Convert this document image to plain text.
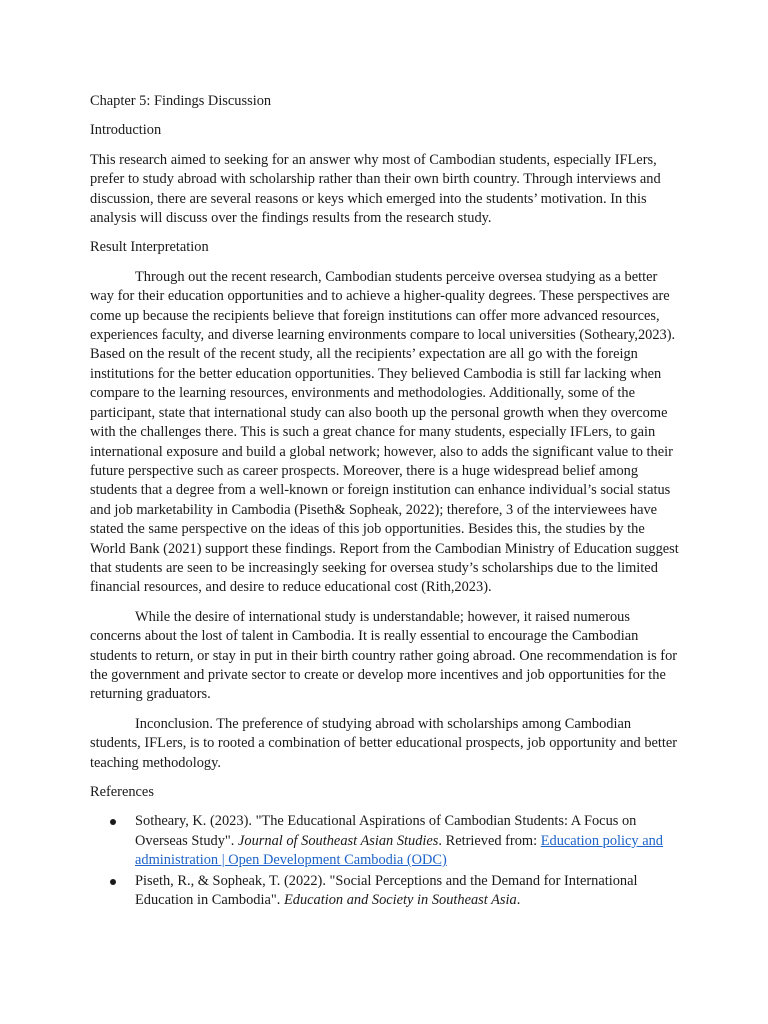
Chapter 5: Findings Discussion

Introduction

This research aimed to seeking for an answer why most of Cambodian students, especially IFLers, prefer to study abroad with scholarship rather than their own birth country. Through interviews and discussion, there are several reasons or keys which emerged into the students’ motivation. In this analysis will discuss over the findings results from the research study.

Result Interpretation

Through out the recent research, Cambodian students perceive oversea studying as a better way for their education opportunities and to achieve a higher-quality degrees. These perspectives are come up because the recipients believe that foreign institutions can offer more advanced resources, experiences faculty, and diverse learning environments compare to local universities (Sotheary,2023). Based on the result of the recent study, all the recipients’ expectation are all go with the foreign institutions for the better education opportunities. They believed Cambodia is still far lacking when compare to the learning resources, environments and methodologies. Additionally, some of the participant, state that international study can also booth up the personal growth when they overcome with the challenges there. This is such a great chance for many students, especially IFLers, to gain international exposure and build a global network; however, also to adds the significant value to their future perspective such as career prospects. Moreover, there is a huge widespread belief among students that a degree from a well-known or foreign institution can enhance individual’s social status and job marketability in Cambodia (Piseth& Sopheak, 2022); therefore, 3 of the interviewees have stated the same perspective on the ideas of this job opportunities. Besides this, the studies by the World Bank (2021) support these findings. Report from the Cambodian Ministry of Education suggest that students are seen to be increasingly seeking for oversea study’s scholarships due to the limited financial resources, and desire to reduce educational cost (Rith,2023).

While the desire of international study is understandable; however, it raised numerous concerns about the lost of talent in Cambodia. It is really essential to encourage the Cambodian students to return, or stay in put in their birth country rather going abroad. One recommendation is for the government and private sector to create or develop more incentives and job opportunities for the returning graduators.

Inconclusion. The preference of studying abroad with scholarships among Cambodian students, IFLers, is to rooted a combination of better educational prospects, job opportunity and better teaching methodology.

References

Sotheary, K. (2023). "The Educational Aspirations of Cambodian Students: A Focus on Overseas Study". Journal of Southeast Asian Studies. Retrieved from: Education policy and administration | Open Development Cambodia (ODC)
Piseth, R., & Sopheak, T. (2022). "Social Perceptions and the Demand for International Education in Cambodia". Education and Society in Southeast Asia.
